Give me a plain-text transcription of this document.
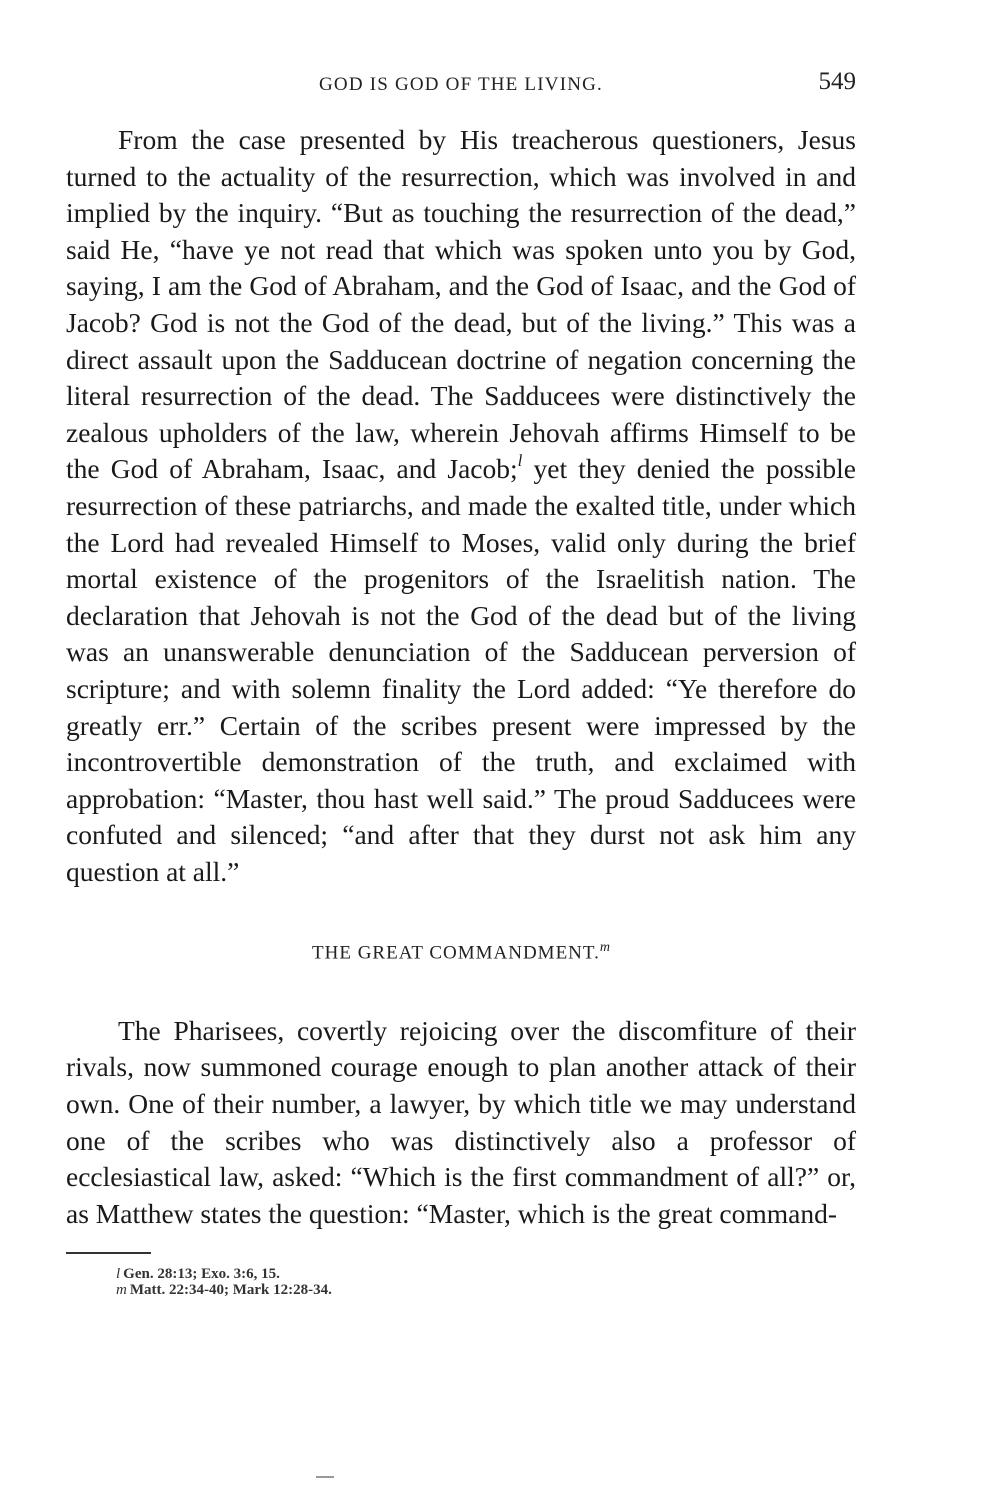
GOD IS GOD OF THE LIVING.	549

From the case presented by His treacherous questioners, Jesus turned to the actuality of the resurrection, which was involved in and implied by the inquiry. “But as touching the resurrection of the dead,” said He, “have ye not read that which was spoken unto you by God, saying, I am the God of Abraham, and the God of Isaac, and the God of Jacob? God is not the God of the dead, but of the living.” This was a direct assault upon the Sadducean doctrine of negation concerning the literal resurrection of the dead. The Sadducees were distinctively the zealous upholders of the law, wherein Jehovah affirms Himself to be the God of Abraham, Isaac, and Jacob;$^l$ yet they denied the possible resurrection of these patriarchs, and made the exalted title, under which the Lord had revealed Himself to Moses, valid only during the brief mortal existence of the progenitors of the Israelitish nation. The declaration that Jehovah is not the God of the dead but of the living was an unanswerable denunciation of the Sadducean perversion of scripture; and with solemn finality the Lord added: “Ye therefore do greatly err.” Certain of the scribes present were impressed by the incontrovertible demonstration of the truth, and exclaimed with approbation: “Master, thou hast well said.” The proud Sadducees were confuted and silenced; “and after that they durst not ask him any question at all.”

THE GREAT COMMANDMENT.$^m$

The Pharisees, covertly rejoicing over the discomfiture of their rivals, now summoned courage enough to plan another attack of their own. One of their number, a lawyer, by which title we may understand one of the scribes who was distinctively also a professor of ecclesiastical law, asked: “Which is the first commandment of all?” or, as Matthew states the question: “Master, which is the great command-

l Gen. 28:13; Exo. 3:6, 15.
m Matt. 22:34-40; Mark 12:28-34.
